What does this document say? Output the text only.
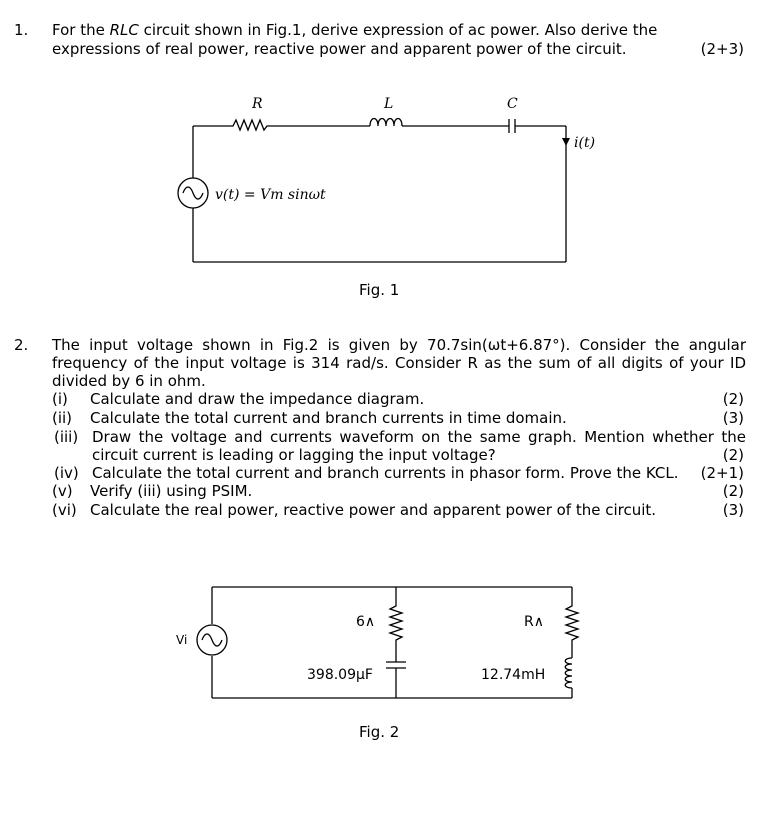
1. For the RLC circuit shown in Fig.1, derive expression of ac power. Also derive the
expressions of real power, reactive power and apparent power of the circuit.	(2+3)
R	L	C
i(t)
v(t) = Vm sinωt
Fig. 1
2. The input voltage shown in Fig.2 is given by 70.7sin(ωt+6.87°). Consider the angular
frequency of the input voltage is 314 rad/s. Consider R as the sum of all digits of your ID
divided by 6 in ohm.
(i) Calculate and draw the impedance diagram.	(2)
(ii) Calculate the total current and branch currents in time domain.	(3)
(iii) Draw the voltage and currents waveform on the same graph. Mention whether the
circuit current is leading or lagging the input voltage?	(2)
(iv) Calculate the total current and branch currents in phasor form. Prove the KCL. (2+1)
(v) Verify (iii) using PSIM.	(2)
(vi) Calculate the real power, reactive power and apparent power of the circuit.	(3)
Vi
6∧
398.09µF
R∧
12.74mH
Fig. 2
